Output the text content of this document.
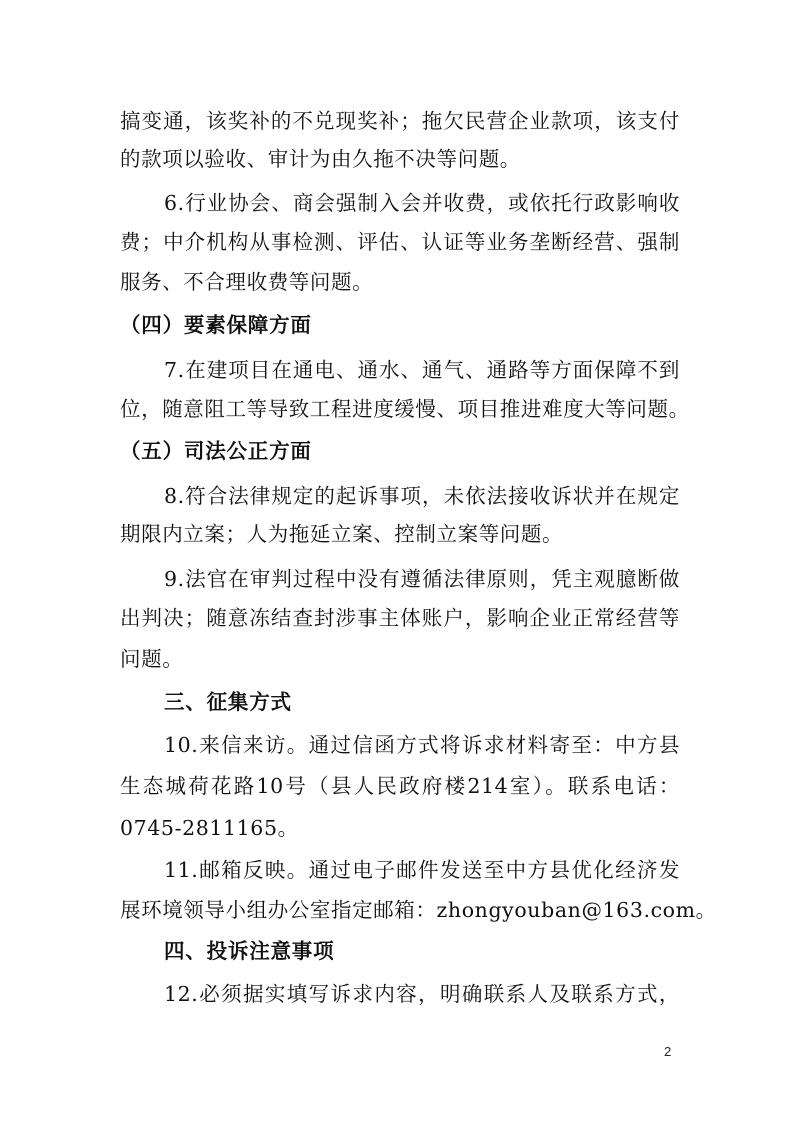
搞变通，该奖补的不兑现奖补；拖欠民营企业款项，该支付
的款项以验收、审计为由久拖不决等问题。
6.行业协会、商会强制入会并收费，或依托行政影响收
费；中介机构从事检测、评估、认证等业务垄断经营、强制
服务、不合理收费等问题。
（四）要素保障方面
7.在建项目在通电、通水、通气、通路等方面保障不到
位，随意阻工等导致工程进度缓慢、项目推进难度大等问题。
（五）司法公正方面
8.符合法律规定的起诉事项，未依法接收诉状并在规定
期限内立案；人为拖延立案、控制立案等问题。
9.法官在审判过程中没有遵循法律原则，凭主观臆断做
出判决；随意冻结查封涉事主体账户，影响企业正常经营等
问题。
三、征集方式
10.来信来访。通过信函方式将诉求材料寄至：中方县
生态城荷花路10号（县人民政府楼214室）。联系电话：
0745-2811165。
11.邮箱反映。通过电子邮件发送至中方县优化经济发
展环境领导小组办公室指定邮箱：zhongyouban@163.com。
四、投诉注意事项
12.必须据实填写诉求内容，明确联系人及联系方式，
2
